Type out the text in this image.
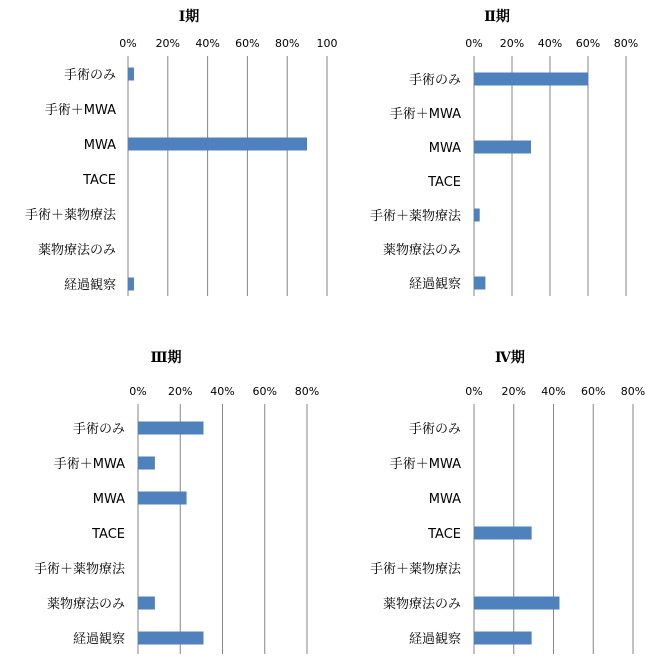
Ⅰ期
0% 20% 40% 60% 80% 100
手術のみ
手術＋MWA
MWA
TACE
手術＋薬物療法
薬物療法のみ
経過観察
Ⅱ期
0% 20% 40% 60% 80%
手術のみ
手術＋MWA
MWA
TACE
手術＋薬物療法
薬物療法のみ
経過観察
Ⅲ期
0% 20% 40% 60% 80%
手術のみ
手術＋MWA
MWA
TACE
手術＋薬物療法
薬物療法のみ
経過観察
Ⅳ期
0% 20% 40% 60% 80%
手術のみ
手術＋MWA
MWA
TACE
手術＋薬物療法
薬物療法のみ
経過観察
